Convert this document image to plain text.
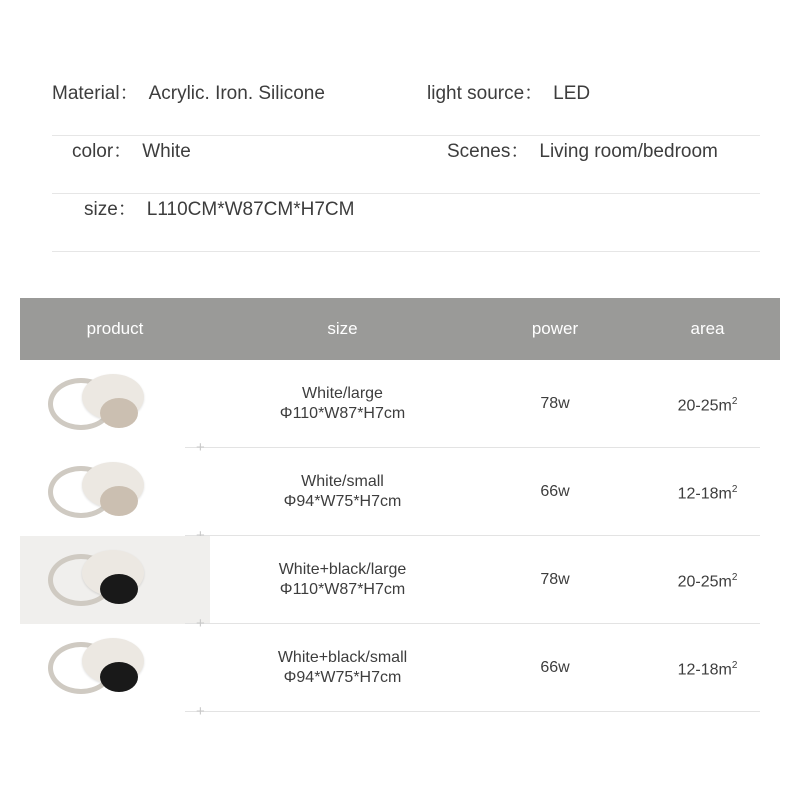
Material： Acrylic. Iron. Silicone	light source： LED
color： White	Scenes： Living room/bedroom
size： L110CM*W87CM*H7CM
product	size	power	area
White/large
Φ110*W87*H7cm
78w	$20-25m^2$
+
White/small
Φ94*W75*H7cm
66w	$12-18m^2$
White+black/large
Φ110*W87*H7cm
78w	$20-25m^2$
+
White+black/small
Φ94*W75*H7cm
66w	$12-18m^2$
+
